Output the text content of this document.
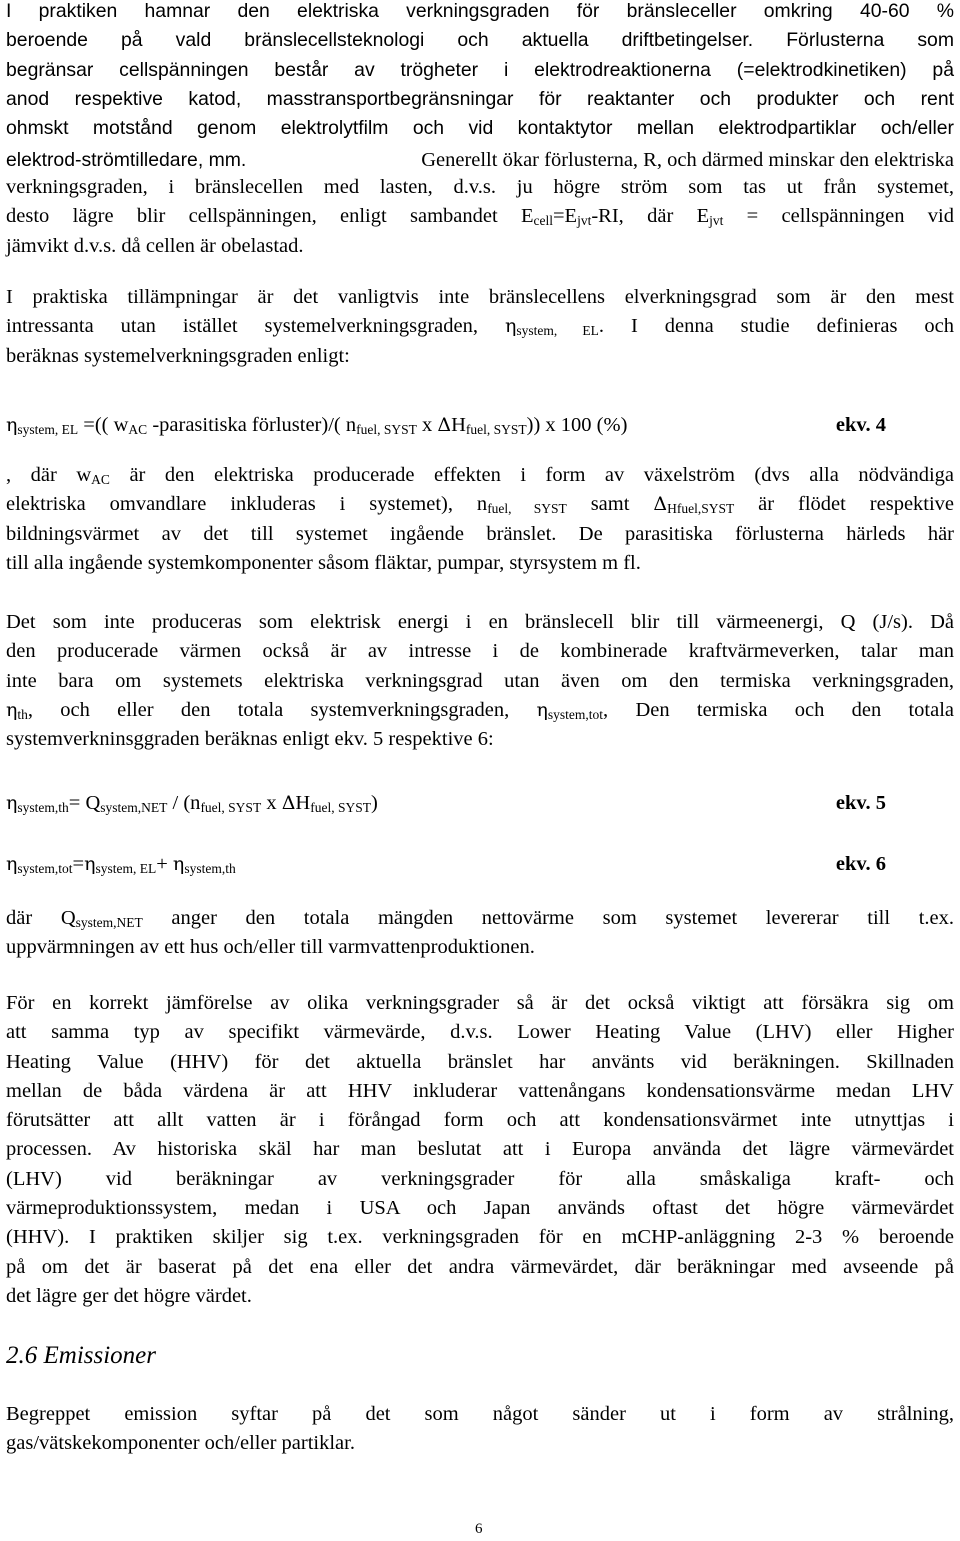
I praktiken hamnar den elektriska verkningsgraden för bränsleceller omkring 40-60 %
beroende på vald bränslecellsteknologi och aktuella driftbetingelser. Förlusterna som
begränsar cellspänningen består av trögheter i elektrodreaktionerna (=elektrodkinetiken) på
anod respektive katod, masstransportbegränsningar för reaktanter och produkter och rent
ohmskt motstånd genom elektrolytfilm och vid kontaktytor mellan elektrodpartiklar och/eller
elektrod-strömtilledare, mm.	Generellt ökar förlusterna, R, och därmed minskar den elektriska
verkningsgraden, i bränslecellen med lasten, d.v.s. ju högre ström som tas ut från systemet,
desto lägre blir cellspänningen, enligt sambandet $E_{cell}=E_{jvt}-RI$, där $E_{jvt}$ = cellspänningen vid
jämvikt d.v.s. då cellen är obelastad.
I praktiska tillämpningar är det vanligtvis inte bränslecellens elverkningsgrad som är den mest
intressanta utan istället systemelverkningsgraden, $\eta_{system, EL}$. I denna studie definieras och
beräknas systemelverkningsgraden enligt:
$\eta_{system, EL}$ =(( $w_{AC}$ -parasitiska förluster)/( $n_{fuel, SYST}$ x $\Delta H_{fuel, SYST}$)) x 100 (%)	ekv. 4
, där $w_{AC}$ är den elektriska producerade effekten i form av växelström (dvs alla nödvändiga
elektriska omvandlare inkluderas i systemet), $n_{fuel, SYST}$ samt $\Delta_{Hfuel,SYST}$ är flödet respektive
bildningsvärmet av det till systemet ingående bränslet. De parasitiska förlusterna härleds här
till alla ingående systemkomponenter såsom fläktar, pumpar, styrsystem m fl.
Det som inte produceras som elektrisk energi i en bränslecell blir till värmeenergi, Q (J/s). Då
den producerade värmen också är av intresse i de kombinerade kraftvärmeverken, talar man
inte bara om systemets elektriska verkningsgrad utan även om den termiska verkningsgraden,
$\eta_{th}$, och eller den totala systemverkningsgraden, $\eta_{system,tot}$, Den termiska och den totala
systemverkninsggraden beräknas enligt ekv. 5 respektive 6:
$\eta_{system,th}= Q_{system,NET} / (n_{fuel, SYST}$ x $\Delta H_{fuel, SYST}$)	ekv. 5
$\eta_{system,tot}=\eta_{system, EL}+ \eta_{system,th}$	ekv. 6
där $Q_{system,NET}$ anger den totala mängden nettovärme som systemet levererar till t.ex.
uppvärmningen av ett hus och/eller till varmvattenproduktionen.
För en korrekt jämförelse av olika verkningsgrader så är det också viktigt att försäkra sig om
att samma typ av specifikt värmevärde, d.v.s. Lower Heating Value (LHV) eller Higher
Heating Value (HHV) för det aktuella bränslet har använts vid beräkningen. Skillnaden
mellan de båda värdena är att HHV inkluderar vattenångans kondensationsvärme medan LHV
förutsätter att allt vatten är i förångad form och att kondensationsvärmet inte utnyttjas i
processen. Av historiska skäl har man beslutat att i Europa använda det lägre värmevärdet
(LHV) vid beräkningar av verkningsgrader för alla småskaliga kraft- och
värmeproduktionssystem, medan i USA och Japan används oftast det högre värmevärdet
(HHV). I praktiken skiljer sig t.ex. verkningsgraden för en mCHP-anläggning 2-3 % beroende
på om det är baserat på det ena eller det andra värmevärdet, där beräkningar med avseende på
det lägre ger det högre värdet.
2.6 Emissioner
Begreppet emission syftar på det som något sänder ut i form av strålning,
gas/vätskekomponenter och/eller partiklar.
6
